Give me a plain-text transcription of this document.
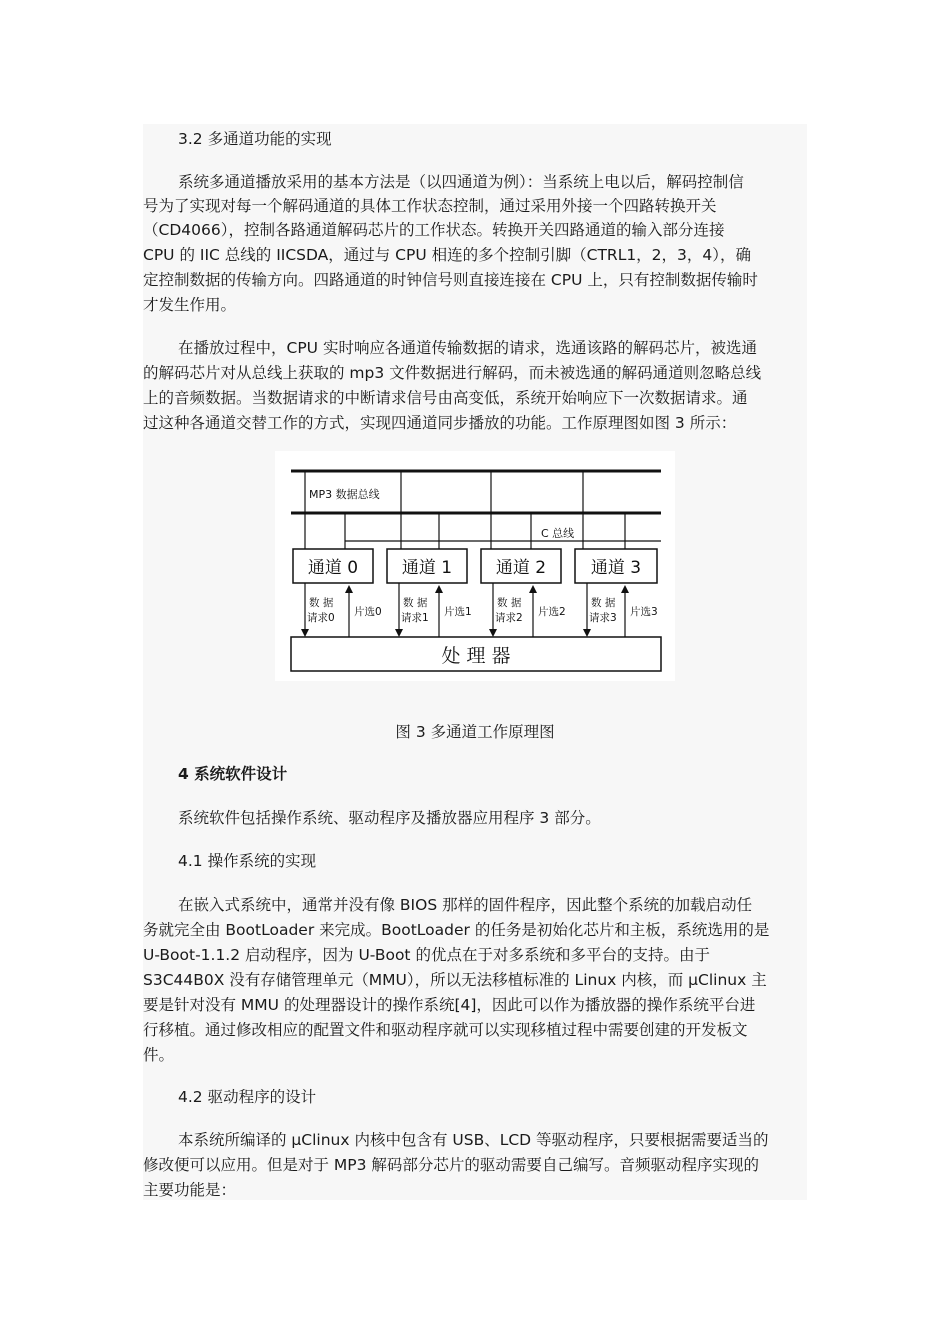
3.2 多通道功能的实现
系统多通道播放采用的基本方法是（以四通道为例）：当系统上电以后，解码控制信
号为了实现对每一个解码通道的具体工作状态控制，通过采用外接一个四路转换开关
（CD4066），控制各路通道解码芯片的工作状态。转换开关四路通道的输入部分连接
CPU 的 IIC 总线的 IICSDA，通过与 CPU 相连的多个控制引脚（CTRL1，2，3，4），确
定控制数据的传输方向。四路通道的时钟信号则直接连接在 CPU 上，只有控制数据传输时
才发生作用。
在播放过程中，CPU 实时响应各通道传输数据的请求，选通该路的解码芯片，被选通
的解码芯片对从总线上获取的 mp3 文件数据进行解码，而未被选通的解码通道则忽略总线
上的音频数据。当数据请求的中断请求信号由高变低，系统开始响应下一次数据请求。通
过这种各通道交替工作的方式，实现四通道同步播放的功能。工作原理图如图 3 所示：
MP3 数据总线
C 总线
通道 0	通道 1	通道 2	通道 3
数 据
请求0 片选0
数 据
请求1 片选1
数 据
请求2 片选2
数 据
请求3 片选3
处 理 器
图 3 多通道工作原理图
4 系统软件设计
系统软件包括操作系统、驱动程序及播放器应用程序 3 部分。
4.1 操作系统的实现
在嵌入式系统中，通常并没有像 BIOS 那样的固件程序，因此整个系统的加载启动任
务就完全由 BootLoader 来完成。BootLoader 的任务是初始化芯片和主板，系统选用的是
U-Boot-1.1.2 启动程序，因为 U-Boot 的优点在于对多系统和多平台的支持。由于
S3C44B0X 没有存储管理单元（MMU），所以无法移植标准的 Linux 内核，而 μClinux 主
要是针对没有 MMU 的处理器设计的操作系统[4]，因此可以作为播放器的操作系统平台进
行移植。通过修改相应的配置文件和驱动程序就可以实现移植过程中需要创建的开发板文
件。
4.2 驱动程序的设计
本系统所编译的 μClinux 内核中包含有 USB、LCD 等驱动程序，只要根据需要适当的
修改便可以应用。但是对于 MP3 解码部分芯片的驱动需要自己编写。音频驱动程序实现的
主要功能是：
